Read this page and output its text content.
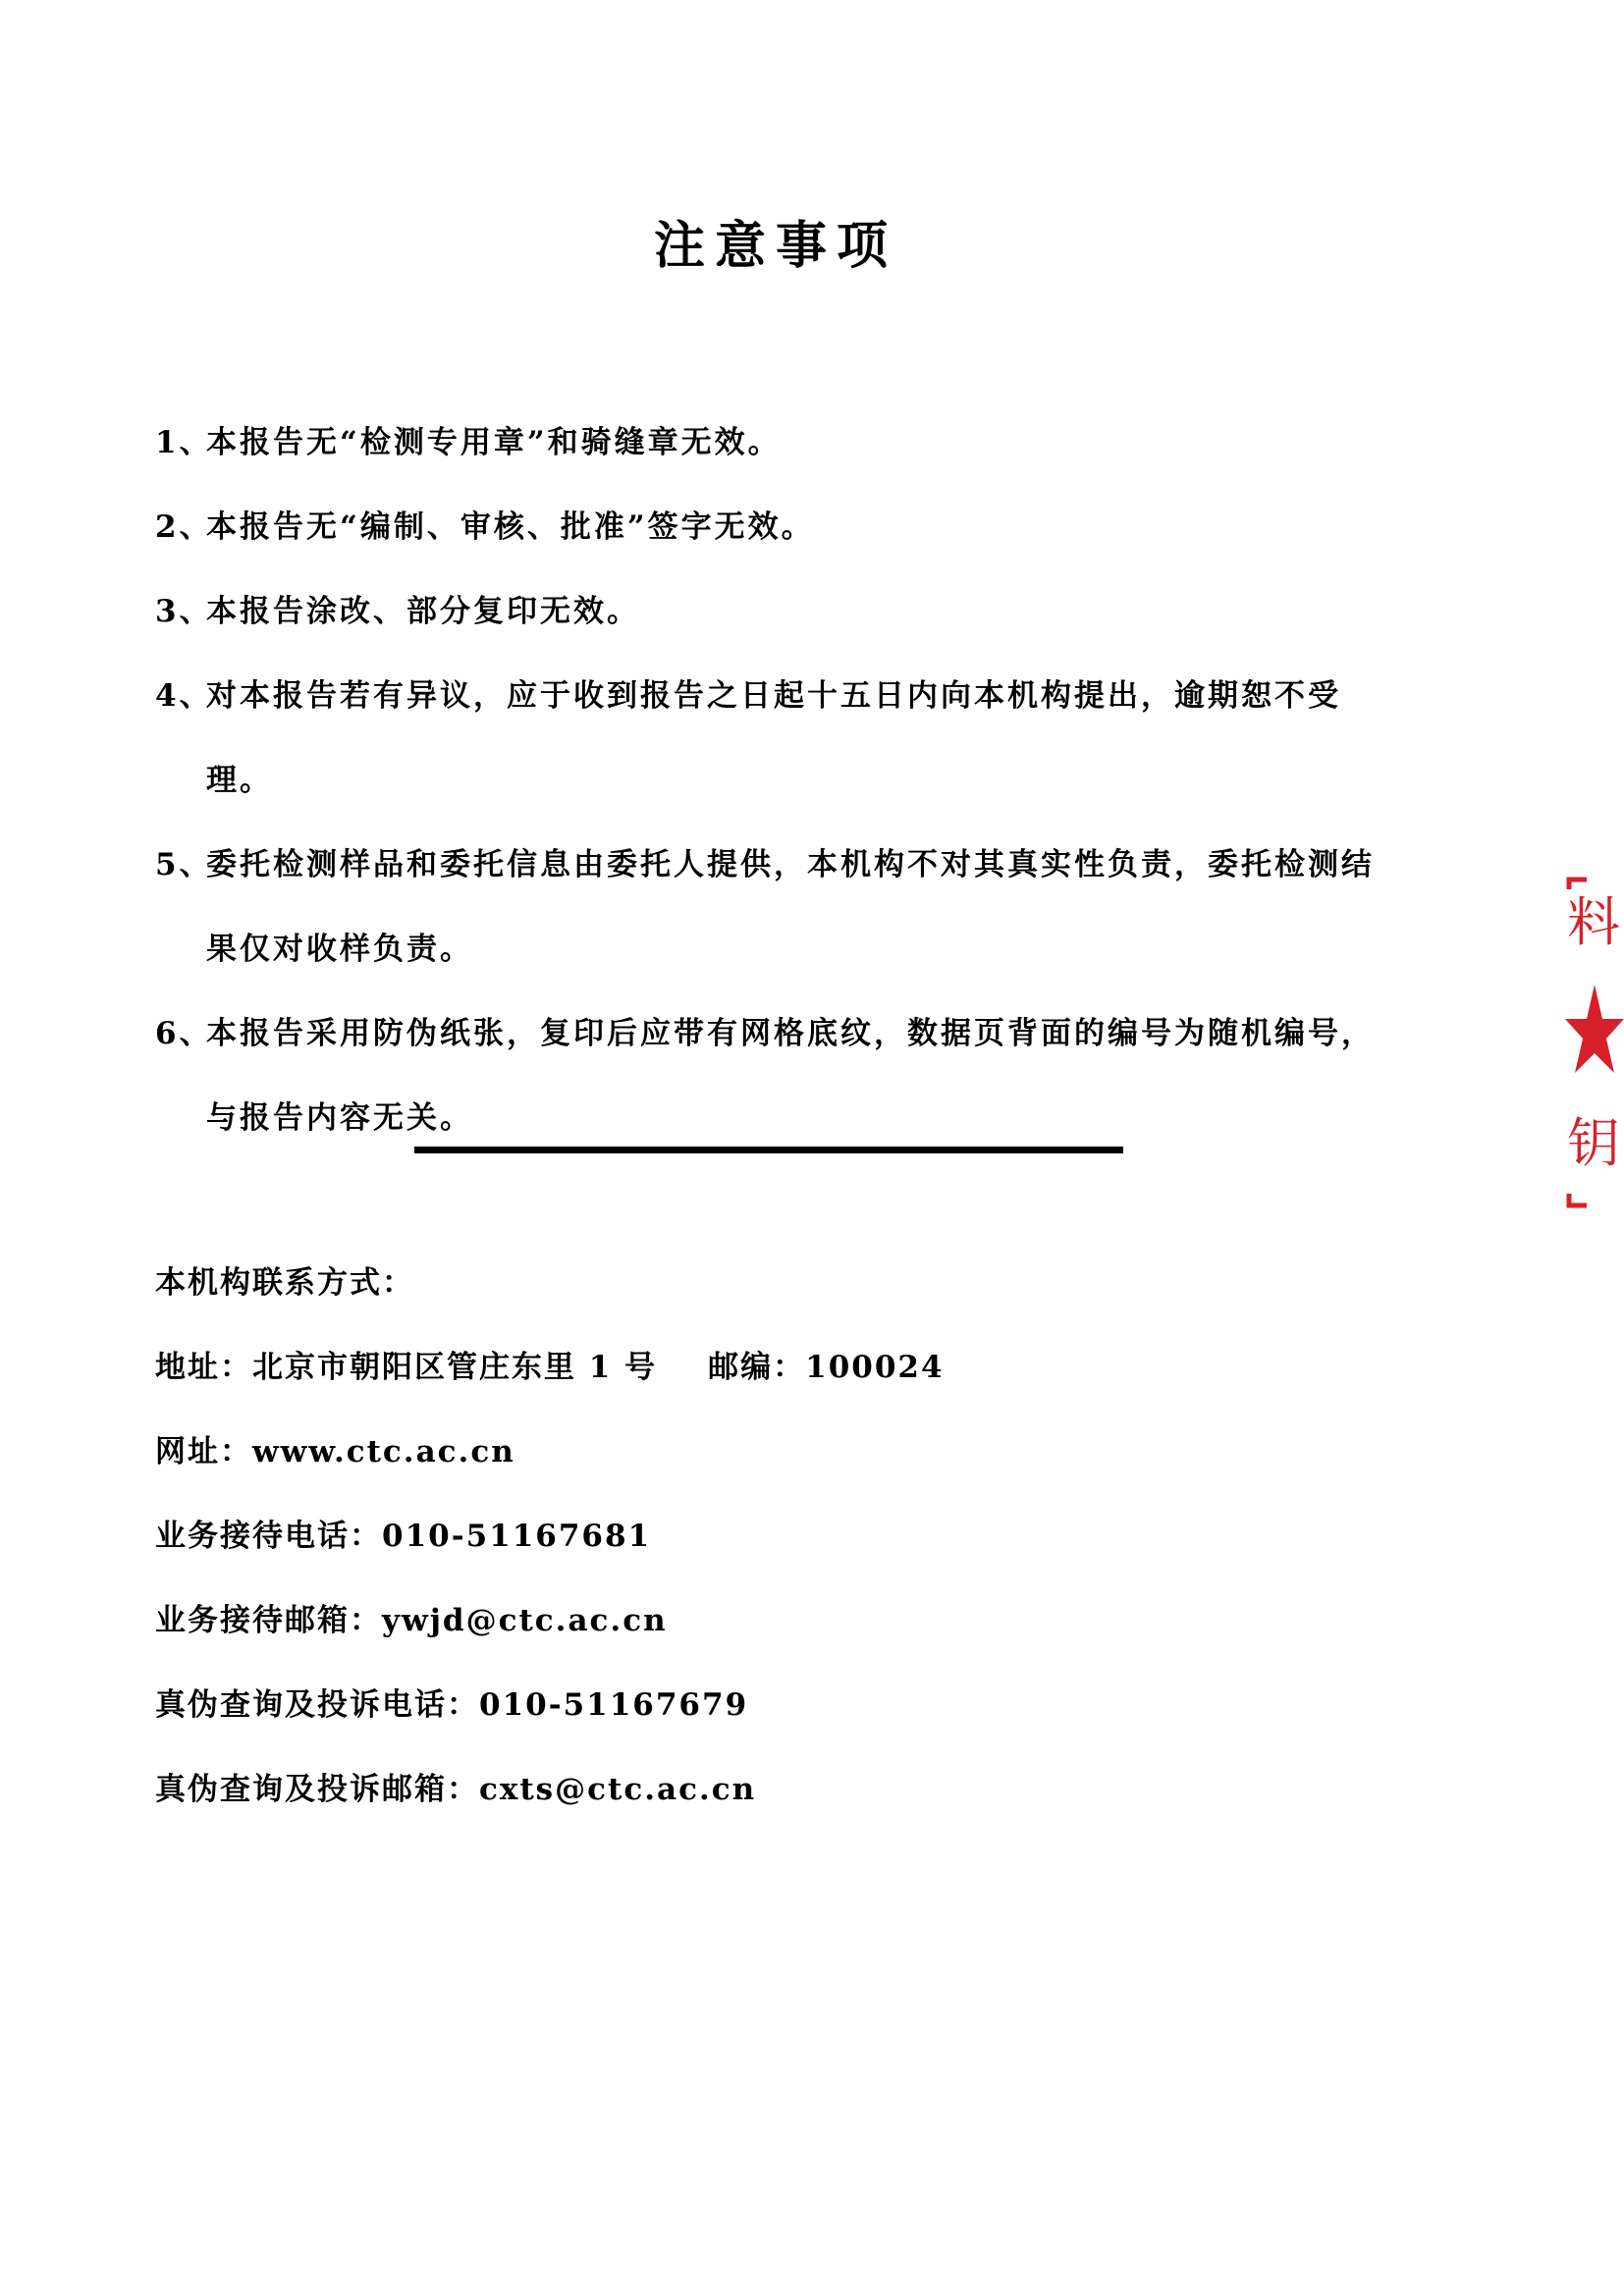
注意事项
1、
本报告无“检测专用章”和骑缝章无效。
2、
本报告无“编制、审核、批准”签字无效。
3、
本报告涂改、部分复印无效。
4、
对本报告若有异议，应于收到报告之日起十五日内向本机构提出，逾期恕不受理。
5、
委托检测样品和委托信息由委托人提供，本机构不对其真实性负责，委托检测结果仅对收样负责。
6、
本报告采用防伪纸张，复印后应带有网格底纹，数据页背面的编号为随机编号，与报告内容无关。
本机构联系方式：
地址：北京市朝阳区管庄东里 1 号 邮编：100024
网址：www.ctc.ac.cn
业务接待电话：010-51167681
业务接待邮箱：ywjd@ctc.ac.cn
真伪查询及投诉电话：010-51167679
真伪查询及投诉邮箱：cxts@ctc.ac.cn
料
钥
